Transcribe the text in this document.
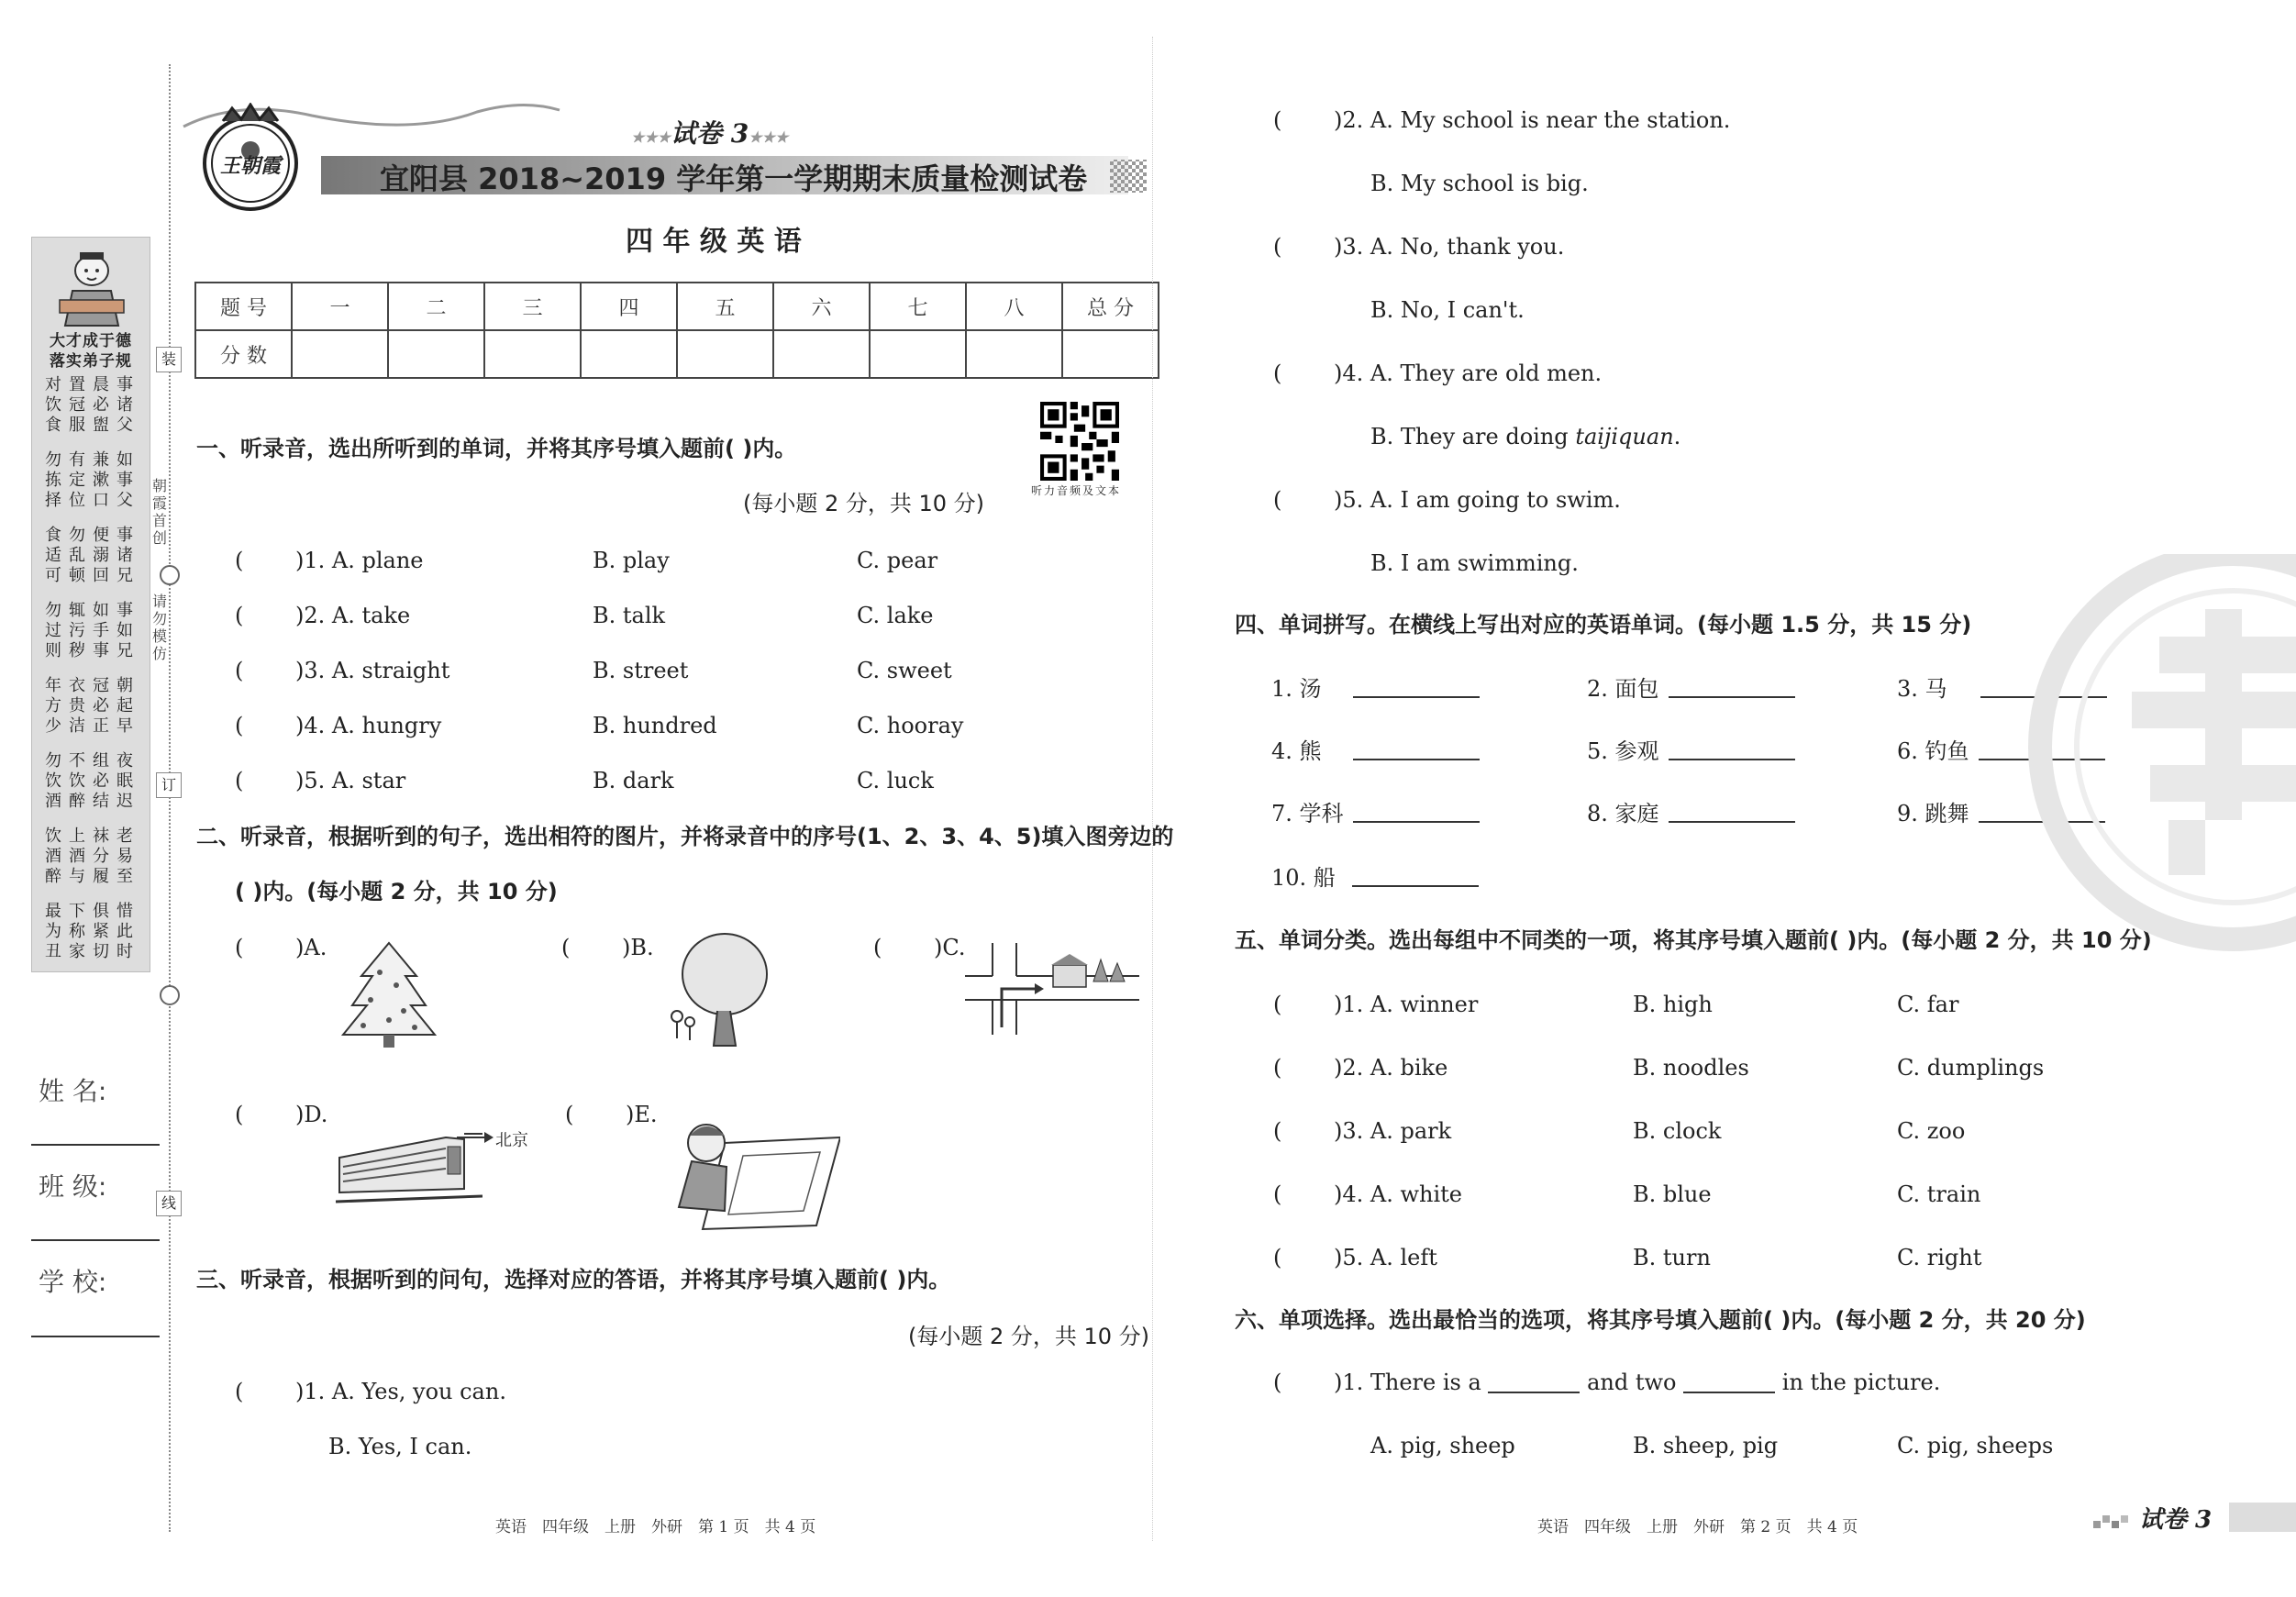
装
朝霞首创
请勿模仿
订
线
大才成于德
落实弟子规
对饮食
置冠服
晨必盥
事诸父
勿拣择
有定位
兼漱口
如事父
食适可
勿乱顿
便溺回
事诸兄
勿过则
辄污秽
如手事
事如兄
年方少
衣贵洁
冠必正
朝起早
勿饮酒
不饮醉
组必结
夜眠迟
饮酒醉
上酒与
袜分履
老易至
最为丑
下称家
俱紧切
惜此时
姓 名:
班 级:
学 校:
王朝霞
★★★试卷 3★★★
宜阳县 2018~2019 学年第一学期期末质量检测试卷
四 年 级 英 语
题 号	一	二	三	四	五	六	七	八	总 分
分 数									
听力音频及文本
一、听录音，选出所听到的单词，并将其序号填入题前( )内。
(每小题 2 分，共 10 分)
( )1. A. plane	B. play	C. pear
( )2. A. take	B. talk	C. lake
( )3. A. straight	B. street	C. sweet
( )4. A. hungry	B. hundred	C. hooray
( )5. A. star	B. dark	C. luck
二、听录音，根据听到的句子，选出相符的图片，并将录音中的序号(1、2、3、4、5)填入图旁边的
( )内。(每小题 2 分，共 10 分)
( )A.	( )B.	( )C.
( )D.	( )E.
北京
三、听录音，根据听到的问句，选择对应的答语，并将其序号填入题前( )内。
(每小题 2 分，共 10 分)
( )1. A. Yes, you can.
B. Yes, I can.
( )2. A. My school is near the station.
B. My school is big.
( )3. A. No, thank you.
B. No, I can't.
( )4. A. They are old men.
B. They are doing taijiquan.
( )5. A. I am going to swim.
B. I am swimming.
四、单词拼写。在横线上写出对应的英语单词。(每小题 1.5 分，共 15 分)
1. 汤	2. 面包	3. 马
4. 熊	5. 参观	6. 钓鱼
7. 学科	8. 家庭	9. 跳舞
10. 船
五、单词分类。选出每组中不同类的一项，将其序号填入题前( )内。(每小题 2 分，共 10 分)
( )1. A. winner	B. high	C. far
( )2. A. bike	B. noodles	C. dumplings
( )3. A. park	B. clock	C. zoo
( )4. A. white	B. blue	C. train
( )5. A. left	B. turn	C. right
六、单项选择。选出最恰当的选项，将其序号填入题前( )内。(每小题 2 分，共 20 分)
( )1. There is a	and two	in the picture.
A. pig, sheep	B. sheep, pig	C. pig, sheeps
英语　四年级　上册　外研　第 1 页　共 4 页	英语　四年级　上册　外研　第 2 页　共 4 页	试卷 3
